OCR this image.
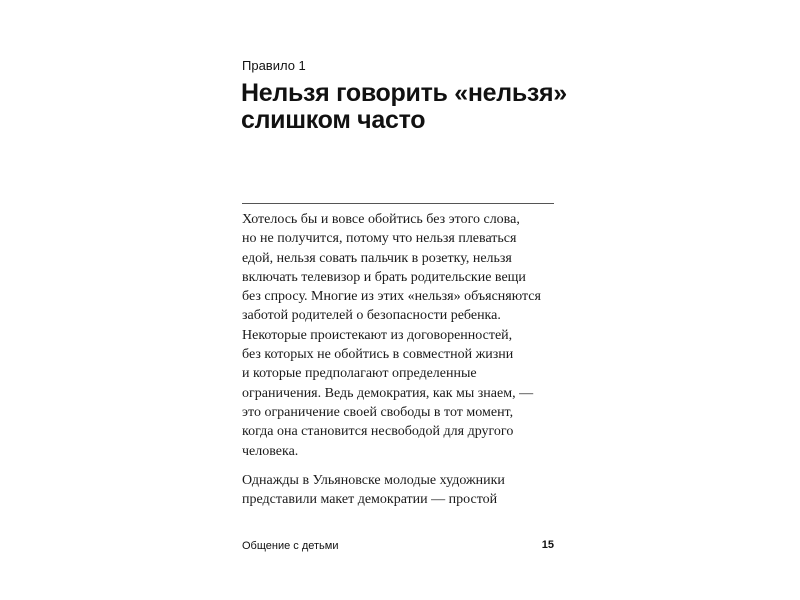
Правило 1
Нельзя говорить «нельзя»
слишком часто
Хотелось бы и вовсе обойтись без этого слова,
но не получится, потому что нельзя плеваться
едой, нельзя совать пальчик в розетку, нельзя
включать телевизор и брать родительские вещи
без спросу. Многие из этих «нельзя» объясняются
заботой родителей о безопасности ребенка.
Некоторые проистекают из договоренностей,
без которых не обойтись в совместной жизни
и которые предполагают определенные
ограничения. Ведь демократия, как мы знаем, —
это ограничение своей свободы в тот момент,
когда она становится несвободой для другого
человека.
Однажды в Ульяновске молодые художники
представили макет демократии — простой
Общение с детьми	15
